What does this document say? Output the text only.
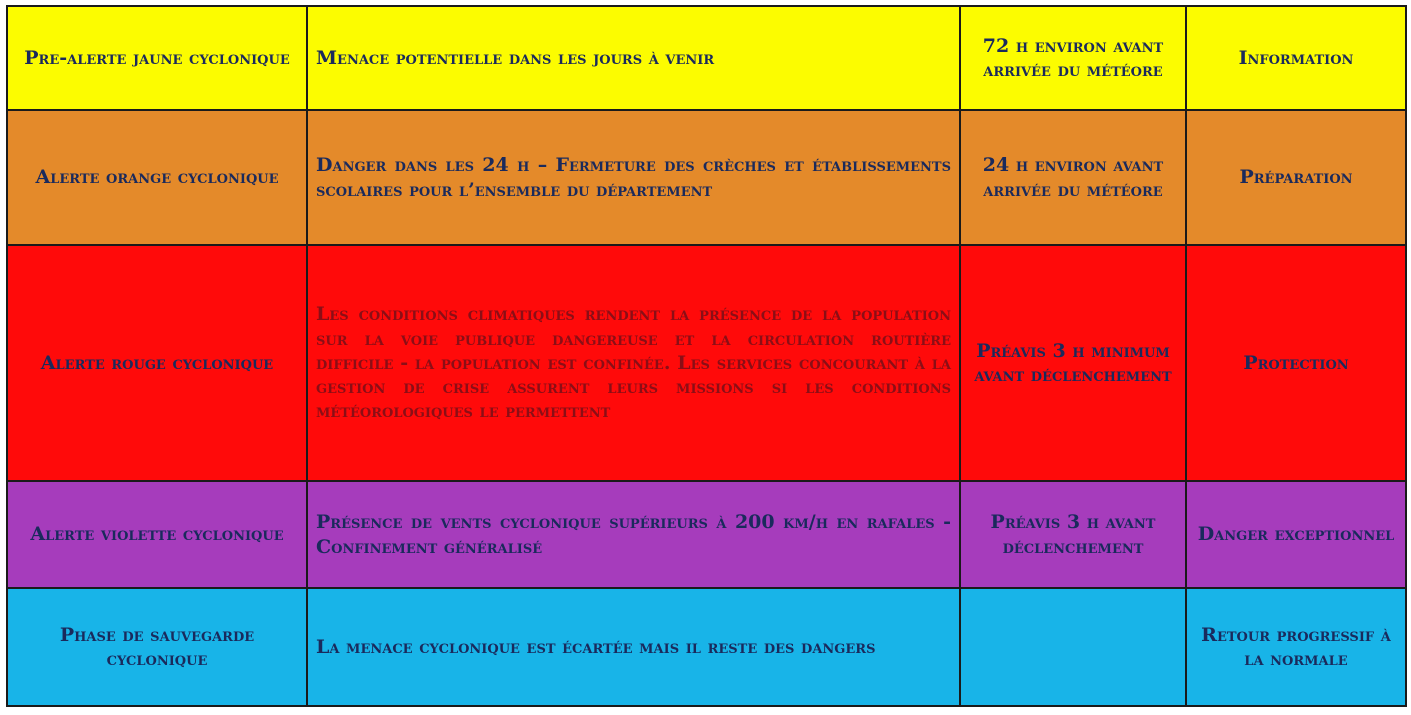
Pre-alerte jaune cyclonique	Menace potentielle dans les jours à venir	72 h environ avant arrivée du météore	Information
Alerte orange cyclonique	Danger dans les 24 h – Fermeture des crèches et établissements scolaires pour l’ensemble du département	24 h environ avant arrivée du météore	Préparation
Alerte rouge cyclonique	Les conditions climatiques rendent la présence de la population sur la voie publique dangereuse et la circulation routière difficile - la population est confinée. Les services concourant à la gestion de crise assurent leurs missions si les conditions météorologiques le permettent	Préavis 3 h minimum avant déclenchement	Protection
Alerte violette cyclonique	Présence de vents cyclonique supérieurs à 200 km/h en rafales - Confinement généralisé	Préavis 3 h avant déclenchement	Danger exceptionnel
Phase de sauvegarde cyclonique	La menace cyclonique est écartée mais il reste des dangers		Retour progressif à la normale
